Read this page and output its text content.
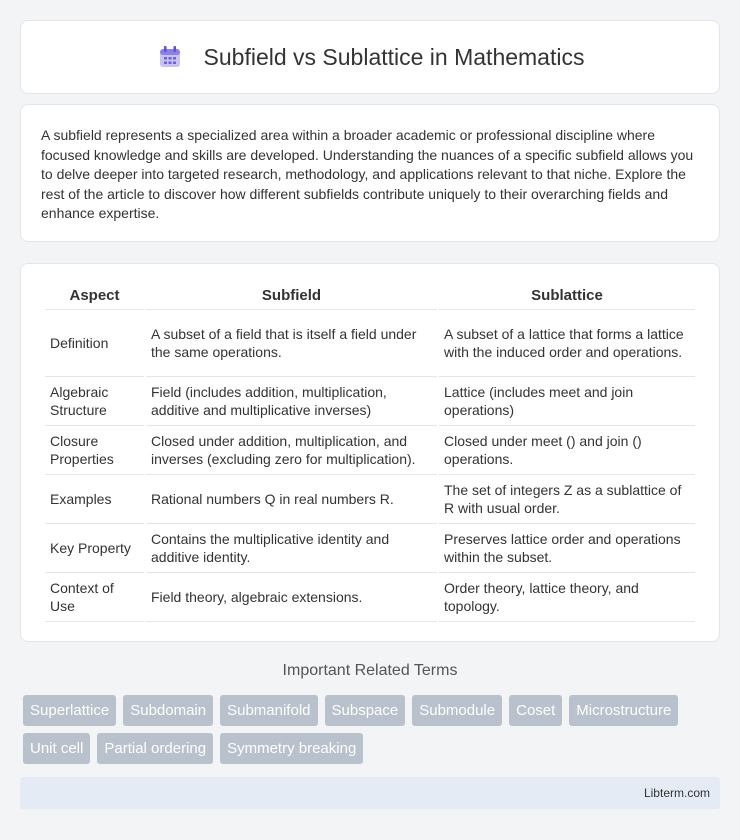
Subfield vs Sublattice in Mathematics

A subfield represents a specialized area within a broader academic or professional discipline where focused knowledge and skills are developed. Understanding the nuances of a specific subfield allows you to delve deeper into targeted research, methodology, and applications relevant to that niche. Explore the rest of the article to discover how different subfields contribute uniquely to their overarching fields and enhance expertise.

Aspect	Subfield	Sublattice
Definition	A subset of a field that is itself a field under the same operations.	A subset of a lattice that forms a lattice with the induced order and operations.
Algebraic Structure	Field (includes addition, multiplication, additive and multiplicative inverses)	Lattice (includes meet and join operations)
Closure Properties	Closed under addition, multiplication, and inverses (excluding zero for multiplication).	Closed under meet () and join () operations.
Examples	Rational numbers Q in real numbers R.	The set of integers Z as a sublattice of R with usual order.
Key Property	Contains the multiplicative identity and additive identity.	Preserves lattice order and operations within the subset.
Context of Use	Field theory, algebraic extensions.	Order theory, lattice theory, and topology.
Important Related Terms
Superlattice	Subdomain	Submanifold	Subspace	Submodule	Coset	Microstructure
Unit cell	Partial ordering	Symmetry breaking
Libterm.com
